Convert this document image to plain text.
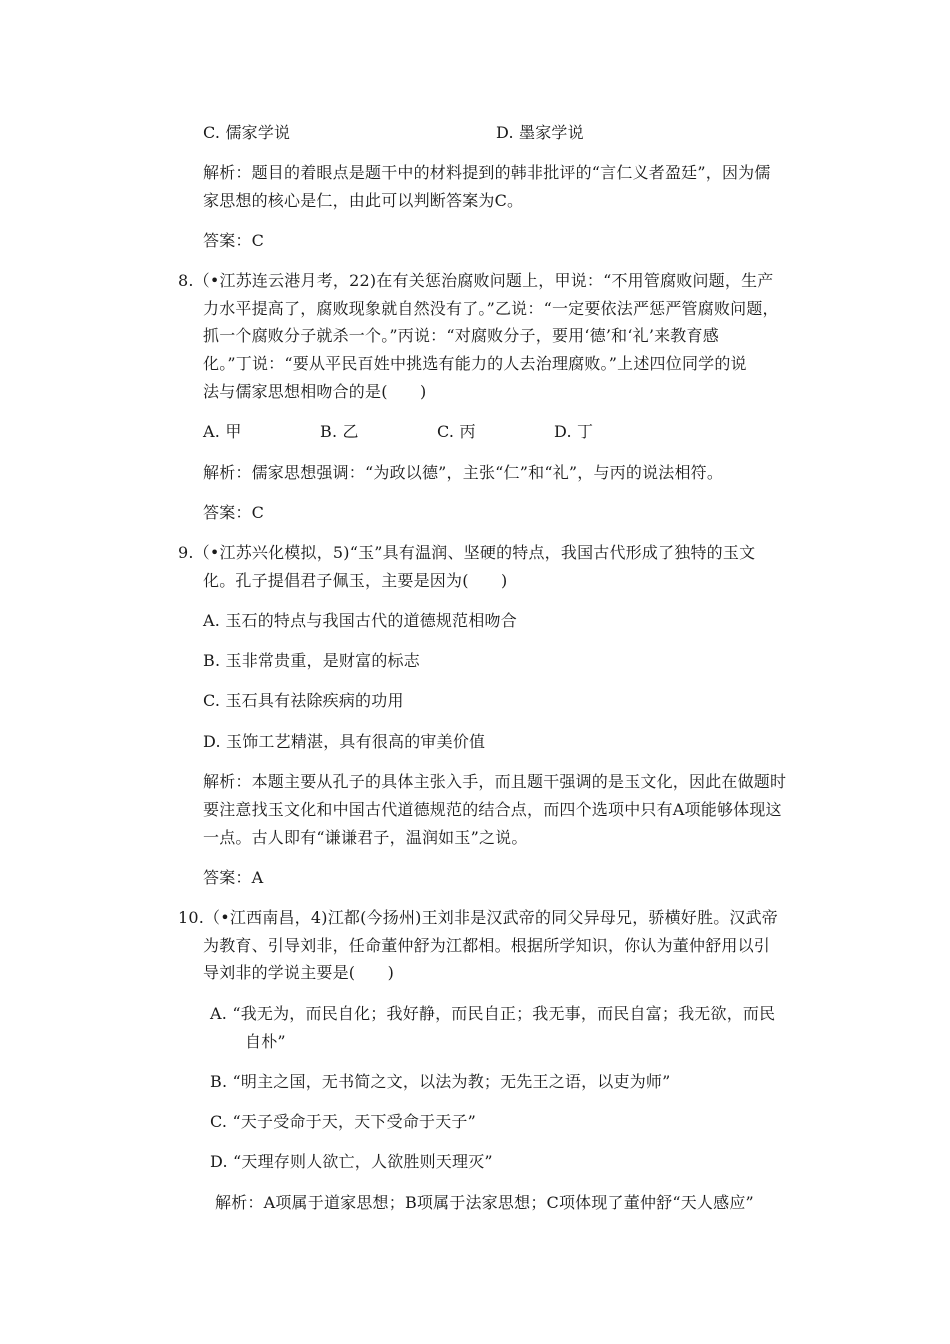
C. 儒家学说	D. 墨家学说
解析：题目的着眼点是题干中的材料提到的韩非批评的“言仁义者盈廷”，因为儒
家思想的核心是仁，由此可以判断答案为C。
答案：C
8.（•江苏连云港月考，22)在有关惩治腐败问题上，甲说：“不用管腐败问题，生产
力水平提高了，腐败现象就自然没有了。”乙说：“一定要依法严惩严管腐败问题，
抓一个腐败分子就杀一个。”丙说：“对腐败分子，要用‘德’和‘礼’来教育感
化。”丁说：“要从平民百姓中挑选有能力的人去治理腐败。”上述四位同学的说
法与儒家思想相吻合的是(　　)
A. 甲	B. 乙	C. 丙	D. 丁
解析：儒家思想强调：“为政以德”，主张“仁”和“礼”，与丙的说法相符。
答案：C
9.（•江苏兴化模拟，5)“玉”具有温润、坚硬的特点，我国古代形成了独特的玉文
化。孔子提倡君子佩玉，主要是因为(　　)
A. 玉石的特点与我国古代的道德规范相吻合
B. 玉非常贵重，是财富的标志
C. 玉石具有祛除疾病的功用
D. 玉饰工艺精湛，具有很高的审美价值
解析：本题主要从孔子的具体主张入手，而且题干强调的是玉文化，因此在做题时
要注意找玉文化和中国古代道德规范的结合点，而四个选项中只有A项能够体现这
一点。古人即有“谦谦君子，温润如玉”之说。
答案：A
10.（•江西南昌，4)江都(今扬州)王刘非是汉武帝的同父异母兄，骄横好胜。汉武帝
为教育、引导刘非，任命董仲舒为江都相。根据所学知识，你认为董仲舒用以引
导刘非的学说主要是(　　)
A. “我无为，而民自化；我好静，而民自正；我无事，而民自富；我无欲，而民
自朴”
B. “明主之国，无书简之文，以法为教；无先王之语，以吏为师”
C. “天子受命于天，天下受命于天子”
D. “天理存则人欲亡，人欲胜则天理灭”
解析：A项属于道家思想；B项属于法家思想；C项体现了董仲舒“天人感应”
